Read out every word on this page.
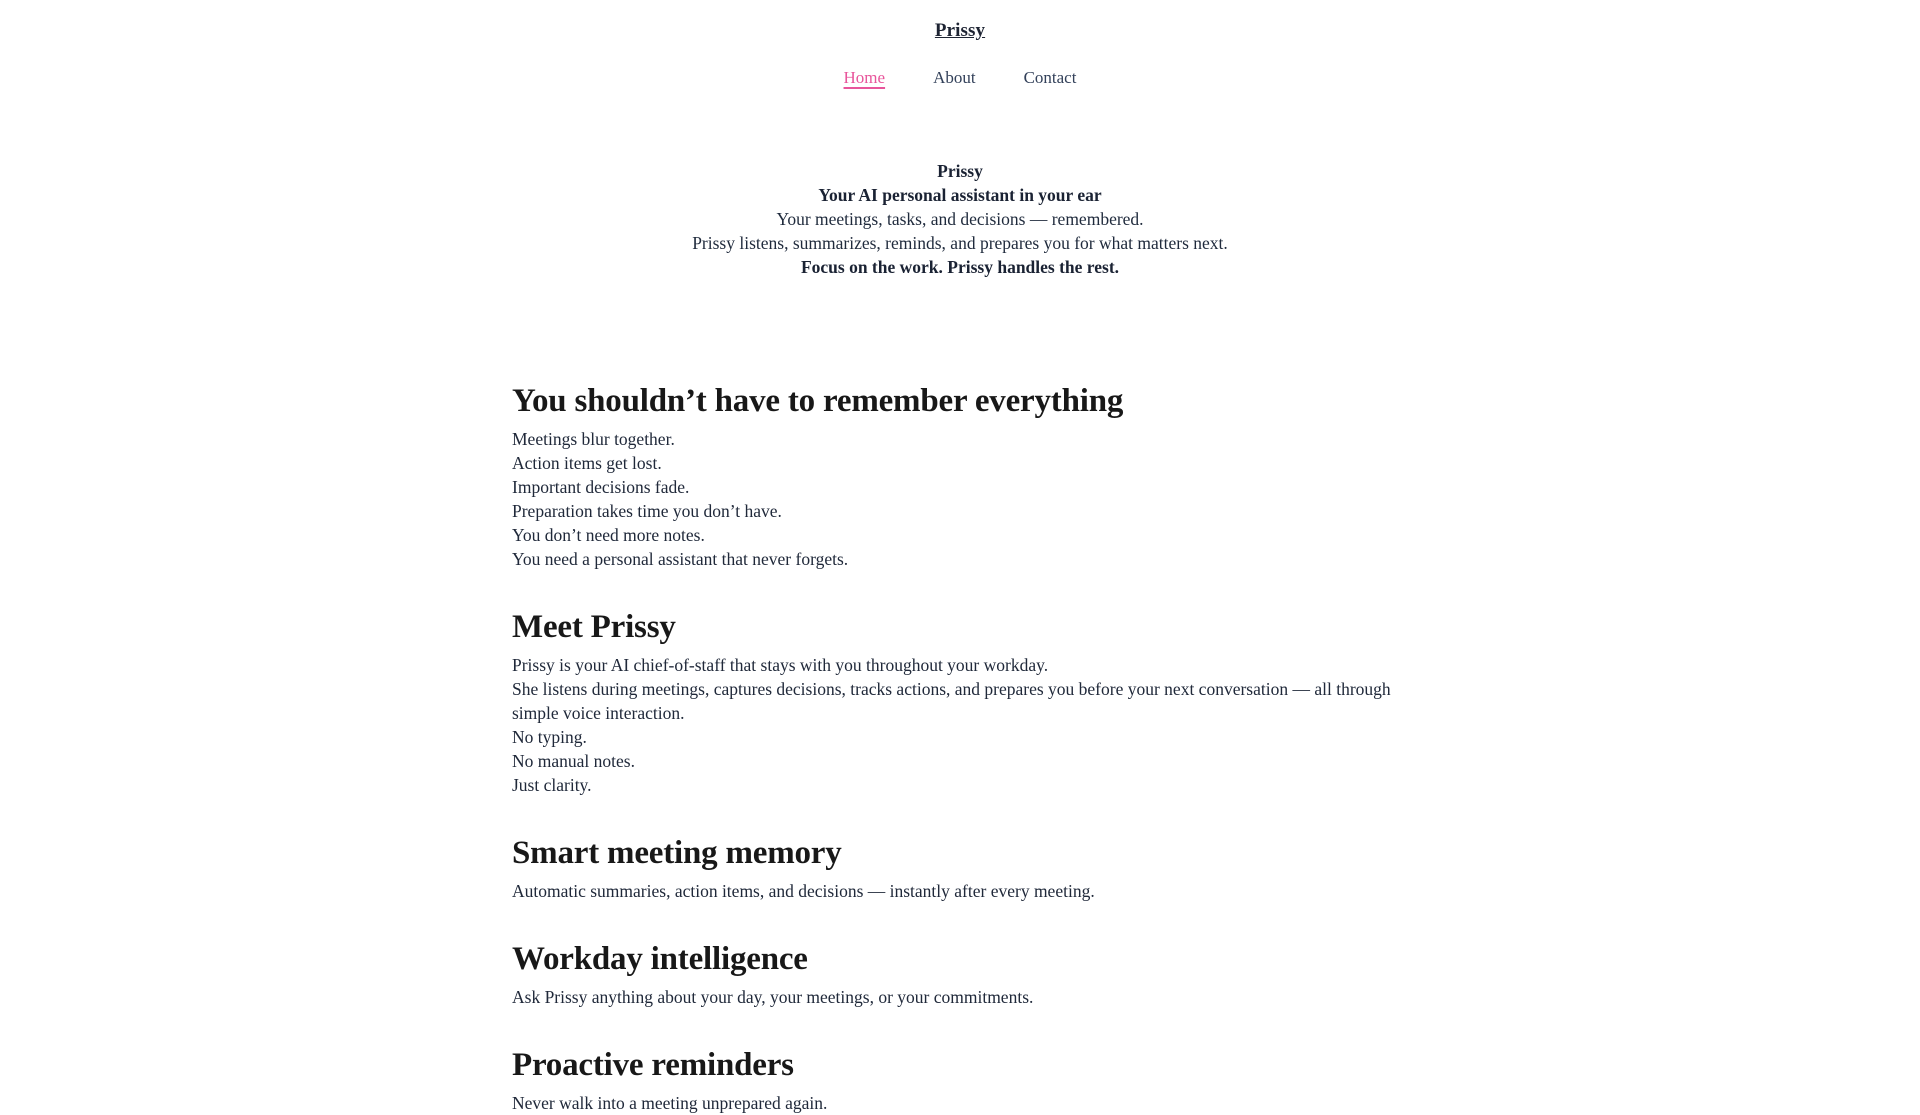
Prissy
Home	About	Contact
Prissy
Your AI personal assistant in your ear
Your meetings, tasks, and decisions — remembered.
Prissy listens, summarizes, reminds, and prepares you for what matters next.
Focus on the work. Prissy handles the rest.
You shouldn’t have to remember everything

Meetings blur together.

Action items get lost.

Important decisions fade.

Preparation takes time you don’t have.

You don’t need more notes.

You need a personal assistant that never forgets.

Meet Prissy

Prissy is your AI chief-of-staff that stays with you throughout your workday.

She listens during meetings, captures decisions, tracks actions, and prepares you before your next conversation — all through simple voice interaction.

No typing.

No manual notes.

Just clarity.

Smart meeting memory

Automatic summaries, action items, and decisions — instantly after every meeting.

Workday intelligence

Ask Prissy anything about your day, your meetings, or your commitments.

Proactive reminders

Never walk into a meeting unprepared again.
